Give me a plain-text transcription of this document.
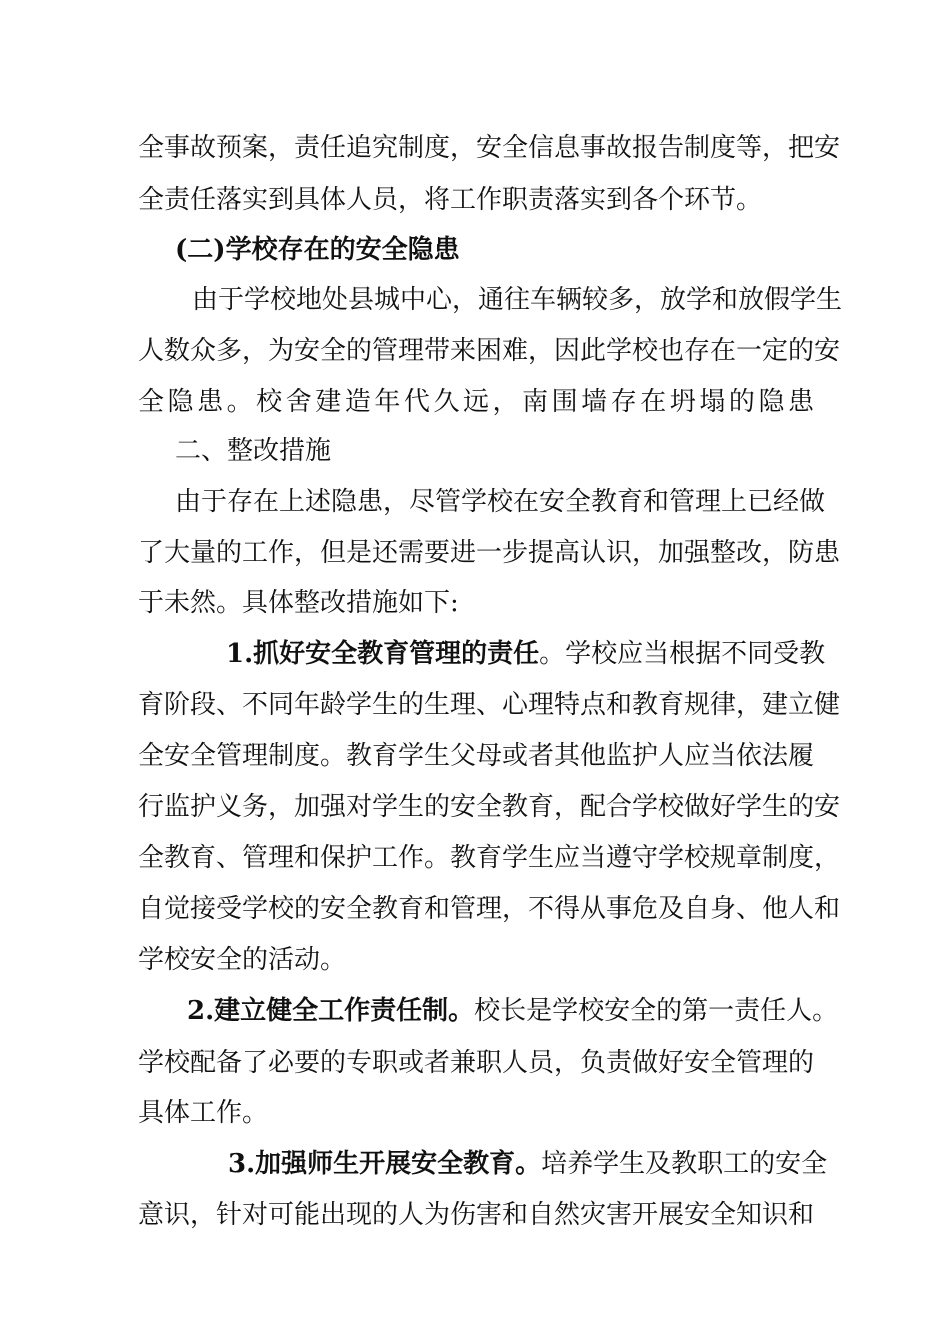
全事故预案，责任追究制度，安全信息事故报告制度等，把安
全责任落实到具体人员，将工作职责落实到各个环节。
(二)学校存在的安全隐患
由于学校地处县城中心，通往车辆较多，放学和放假学生
人数众多，为安全的管理带来困难，因此学校也存在一定的安
全隐患。校舍建造年代久远，南围墙存在坍塌的隐患
二、整改措施
由于存在上述隐患，尽管学校在安全教育和管理上已经做
了大量的工作，但是还需要进一步提高认识，加强整改，防患
于未然。具体整改措施如下:
1.抓好安全教育管理的责任。学校应当根据不同受教
育阶段、不同年龄学生的生理、心理特点和教育规律，建立健
全安全管理制度。教育学生父母或者其他监护人应当依法履
行监护义务，加强对学生的安全教育，配合学校做好学生的安
全教育、管理和保护工作。教育学生应当遵守学校规章制度，
自觉接受学校的安全教育和管理，不得从事危及自身、他人和
学校安全的活动。
2.建立健全工作责任制。校长是学校安全的第一责任人。
学校配备了必要的专职或者兼职人员，负责做好安全管理的
具体工作。
3.加强师生开展安全教育。培养学生及教职工的安全
意识，针对可能出现的人为伤害和自然灾害开展安全知识和
